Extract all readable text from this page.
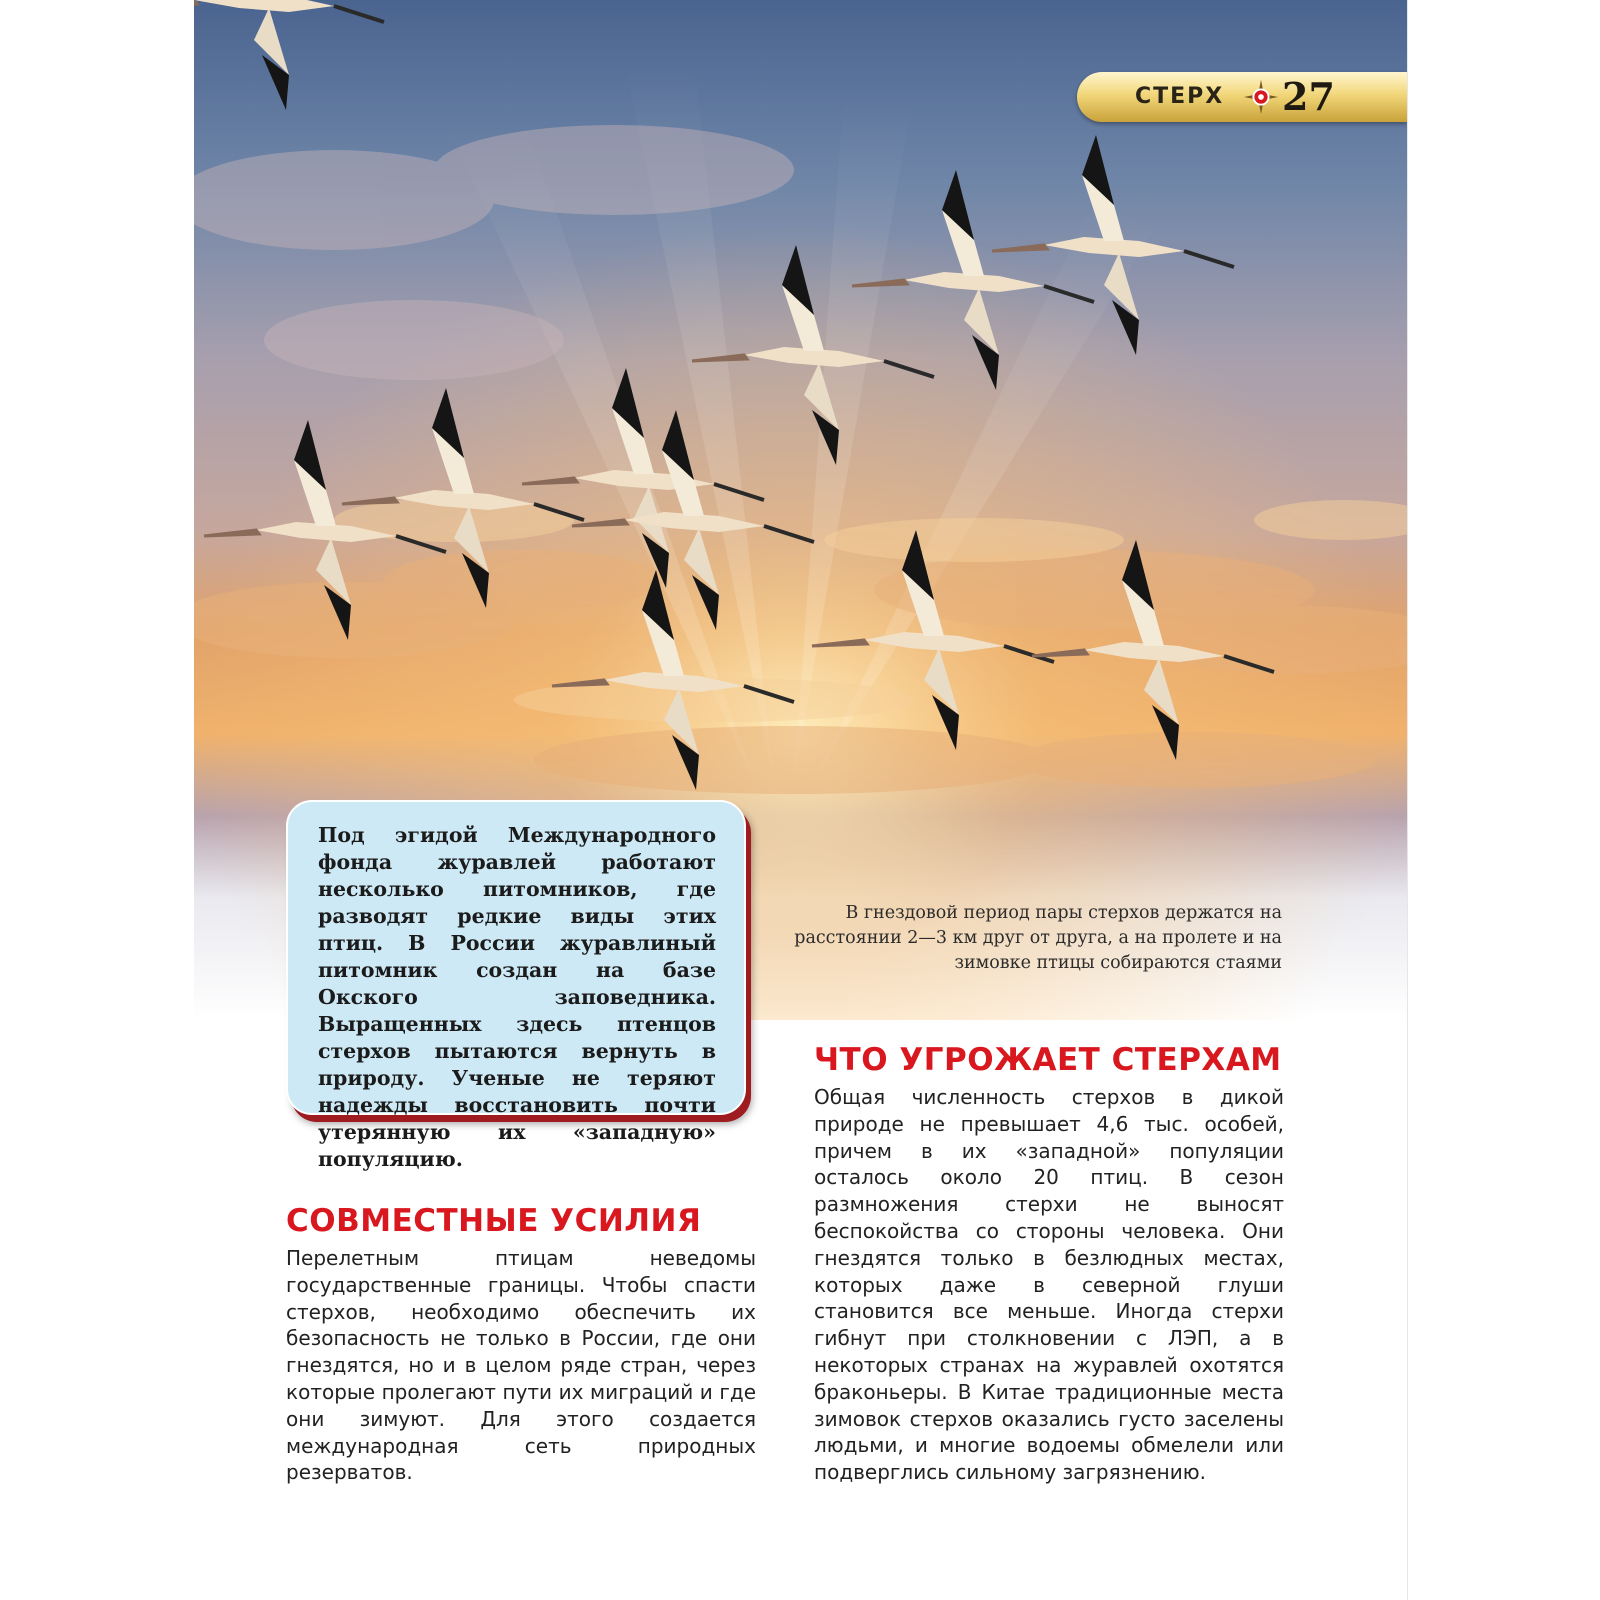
СТЕРХ 27

Под эгидой Международного фонда журавлей работают несколько питомников, где разводят редкие виды этих птиц. В России журавлиный питомник создан на базе Окского заповедника. Выращенных здесь птенцов стерхов пытаются вернуть в природу. Ученые не теряют надежды восстановить почти утерянную их «западную» популяцию.

В гнездовой период пары стерхов держатся на расстоянии 2—3 км друг от друга, а на пролете и на зимовке птицы собираются стаями

ЧТО УГРОЖАЕТ СТЕРХАМ

Общая численность стерхов в дикой природе не превышает 4,6 тыс. особей, причем в их «западной» популяции осталось около 20 птиц. В сезон размножения стерхи не выносят беспокойства со стороны человека. Они гнездятся только в безлюдных местах, которых даже в северной глуши становится все меньше. Иногда стерхи гибнут при столкновении с ЛЭП, а в некоторых странах на журавлей охотятся браконьеры. В Китае традиционные места зимовок стерхов оказались густо заселены людьми, и многие водоемы обмелели или подверглись сильному загрязнению.

СОВМЕСТНЫЕ УСИЛИЯ

Перелетным птицам неведомы государственные границы. Чтобы спасти стерхов, необходимо обеспечить их безопасность не только в России, где они гнездятся, но и в целом ряде стран, через которые пролегают пути их миграций и где они зимуют. Для этого создается международная сеть природных резерватов.
